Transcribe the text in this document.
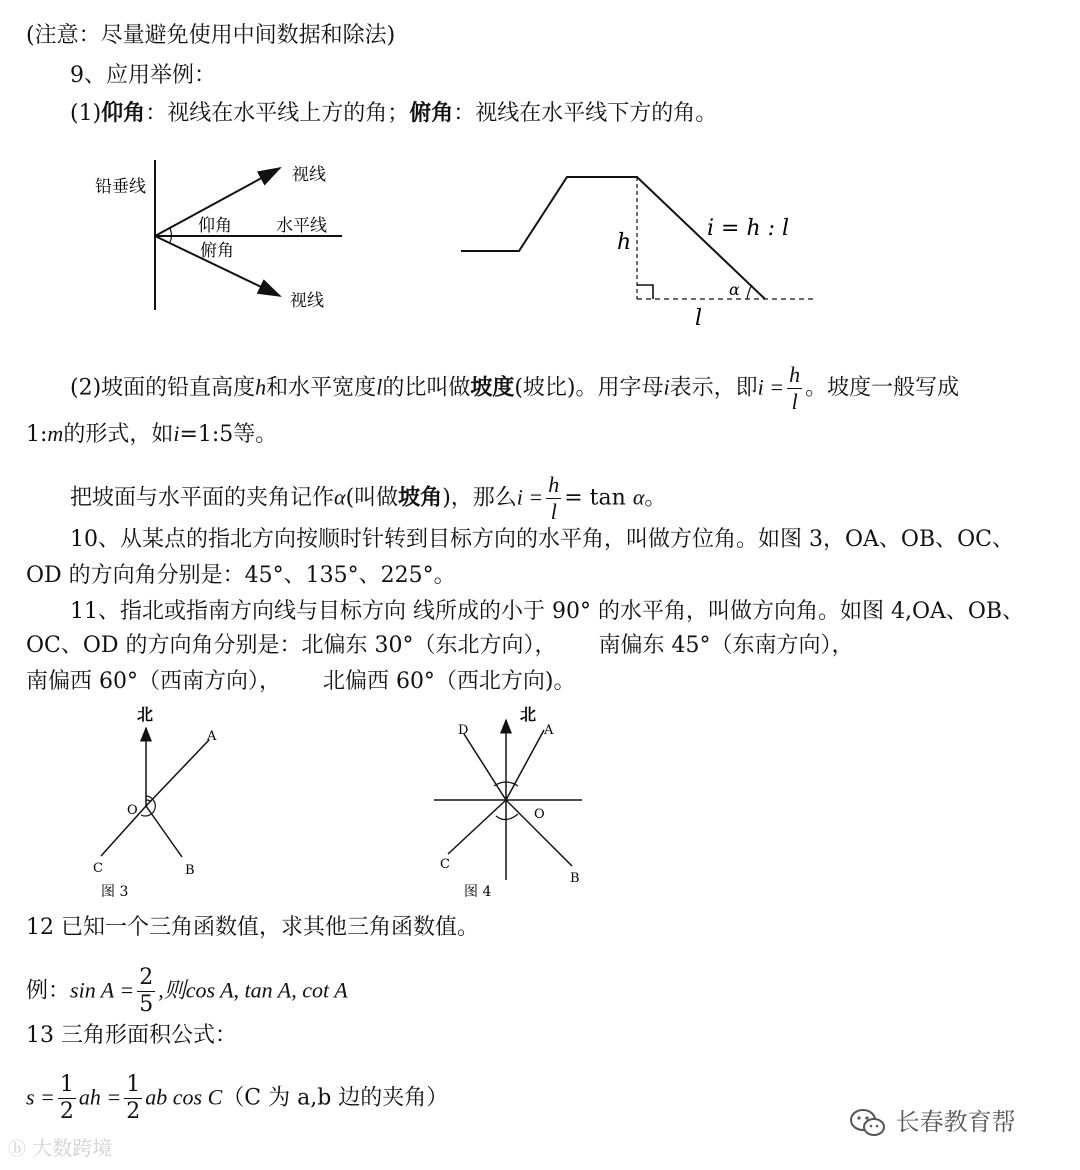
(注意：尽量避免使用中间数据和除法)
9、应用举例：
(1)仰角：视线在水平线上方的角；俯角：视线在水平线下方的角。
铅垂线
视线
仰角	水平线
俯角
视线
h
l
i = h : l
α
(2)坡面的铅直高度h和水平宽度l的比叫做坡度(坡比)。用字母i表示，即$i = \frac{h}{l}$ 。坡度一般写成
1:m的形式，如i=1:5等。
把坡面与水平面的夹角记作α(叫做坡角)，那么$i = \frac{h}{l} = \tan \alpha$。
10、从某点的指北方向按顺时针转到目标方向的水平角，叫做方位角。如图 3，OA、OB、OC、
OD 的方向角分别是：45°、135°、225°。
11、指北或指南方向线与目标方向 线所成的小于 90° 的水平角，叫做方向角。如图 4,OA、OB、
OC、OD 的方向角分别是：北偏东 30°（东北方向），      南偏东 45°（东南方向），
南偏西 60°（西南方向），      北偏西 60°（西北方向)。
北
A
O
C	B
图 3
北
D	A
O
C
B
图 4
12 已知一个三角函数值，求其他三角函数值。
例：$\sin A = \frac{2}{5}$ ,则cos A, tan A, cot A
13 三角形面积公式：
$s = \frac{1}{2}$ ah = $\frac{1}{2}$ ab cos C（C 为 a,b 边的夹角）
ⓑ 大数跨境
长春教育帮
